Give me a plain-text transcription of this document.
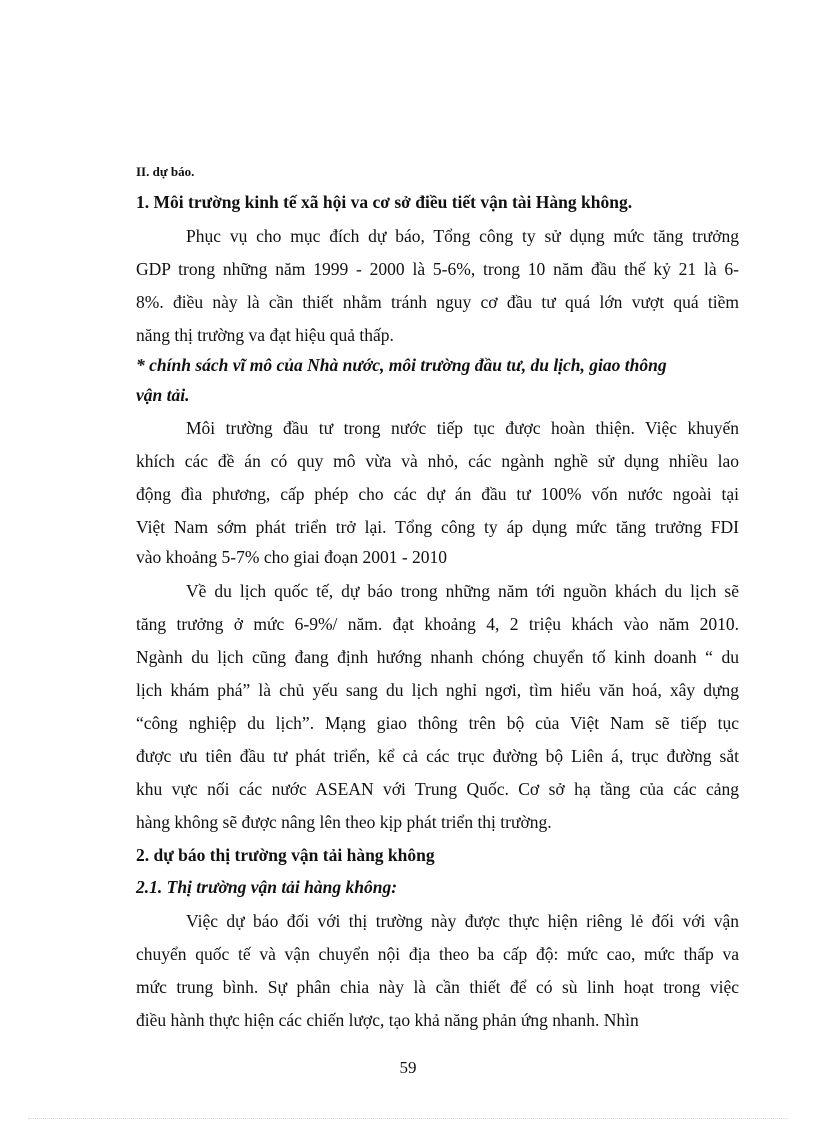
II. dự báo.
1. Môi trường kinh tế xã hội va cơ sở điều tiết vận tài Hàng không.
Phục vụ cho mục đích dự báo, Tổng công ty sử dụng mức tăng trưởng
GDP trong những năm 1999 - 2000 là 5-6%, trong 10 năm đầu thế kỷ 21 là 6-
8%. điều này là cần thiết nhằm tránh nguy cơ đầu tư quá lớn vượt quá tiềm
năng thị trường va đạt hiệu quả thấp.
* chính sách vĩ mô của Nhà nước, môi trường đầu tư, du lịch, giao thông
vận tải.
Môi trường đầu tư trong nước tiếp tục được hoàn thiện. Việc khuyến
khích các đề án có quy mô vừa và nhỏ, các ngành nghề sử dụng nhiều lao
động đìa phương, cấp phép cho các dự án đầu tư 100% vốn nước ngoài tại
Việt Nam sớm phát triển trở lại. Tổng công ty áp dụng mức tăng trưởng FDI
vào khoảng 5-7% cho giai đoạn 2001 - 2010
Về du lịch quốc tế, dự báo trong những năm tới nguồn khách du lịch sẽ
tăng trưởng ở mức 6-9%/ năm. đạt khoảng 4, 2 triệu khách vào năm 2010.
Ngành du lịch cũng đang định hướng nhanh chóng chuyển tố kinh doanh “ du
lịch khám phá” là chủ yếu sang du lịch nghỉ ngơi, tìm hiểu văn hoá, xây dựng
“công nghiệp du lịch”. Mạng giao thông trên bộ của Việt Nam sẽ tiếp tục
được ưu tiên đầu tư phát triển, kể cả các trục đường bộ Liên á, trục đường sắt
khu vực nối các nước ASEAN với Trung Quốc. Cơ sở hạ tầng của các cảng
hàng không sẽ được nâng lên theo kịp phát triển thị trường.
2. dự báo thị trường vận tải hàng không
2.1. Thị trường vận tải hàng không:
Việc dự báo đối với thị trường này được thực hiện riêng lẻ đối với vận
chuyển quốc tế và vận chuyển nội địa theo ba cấp độ: mức cao, mức thấp va
mức trung bình. Sự phân chia này là cần thiết để có sù linh hoạt trong việc
điều hành thực hiện các chiến lược, tạo khả năng phản ứng nhanh. Nhìn
59
